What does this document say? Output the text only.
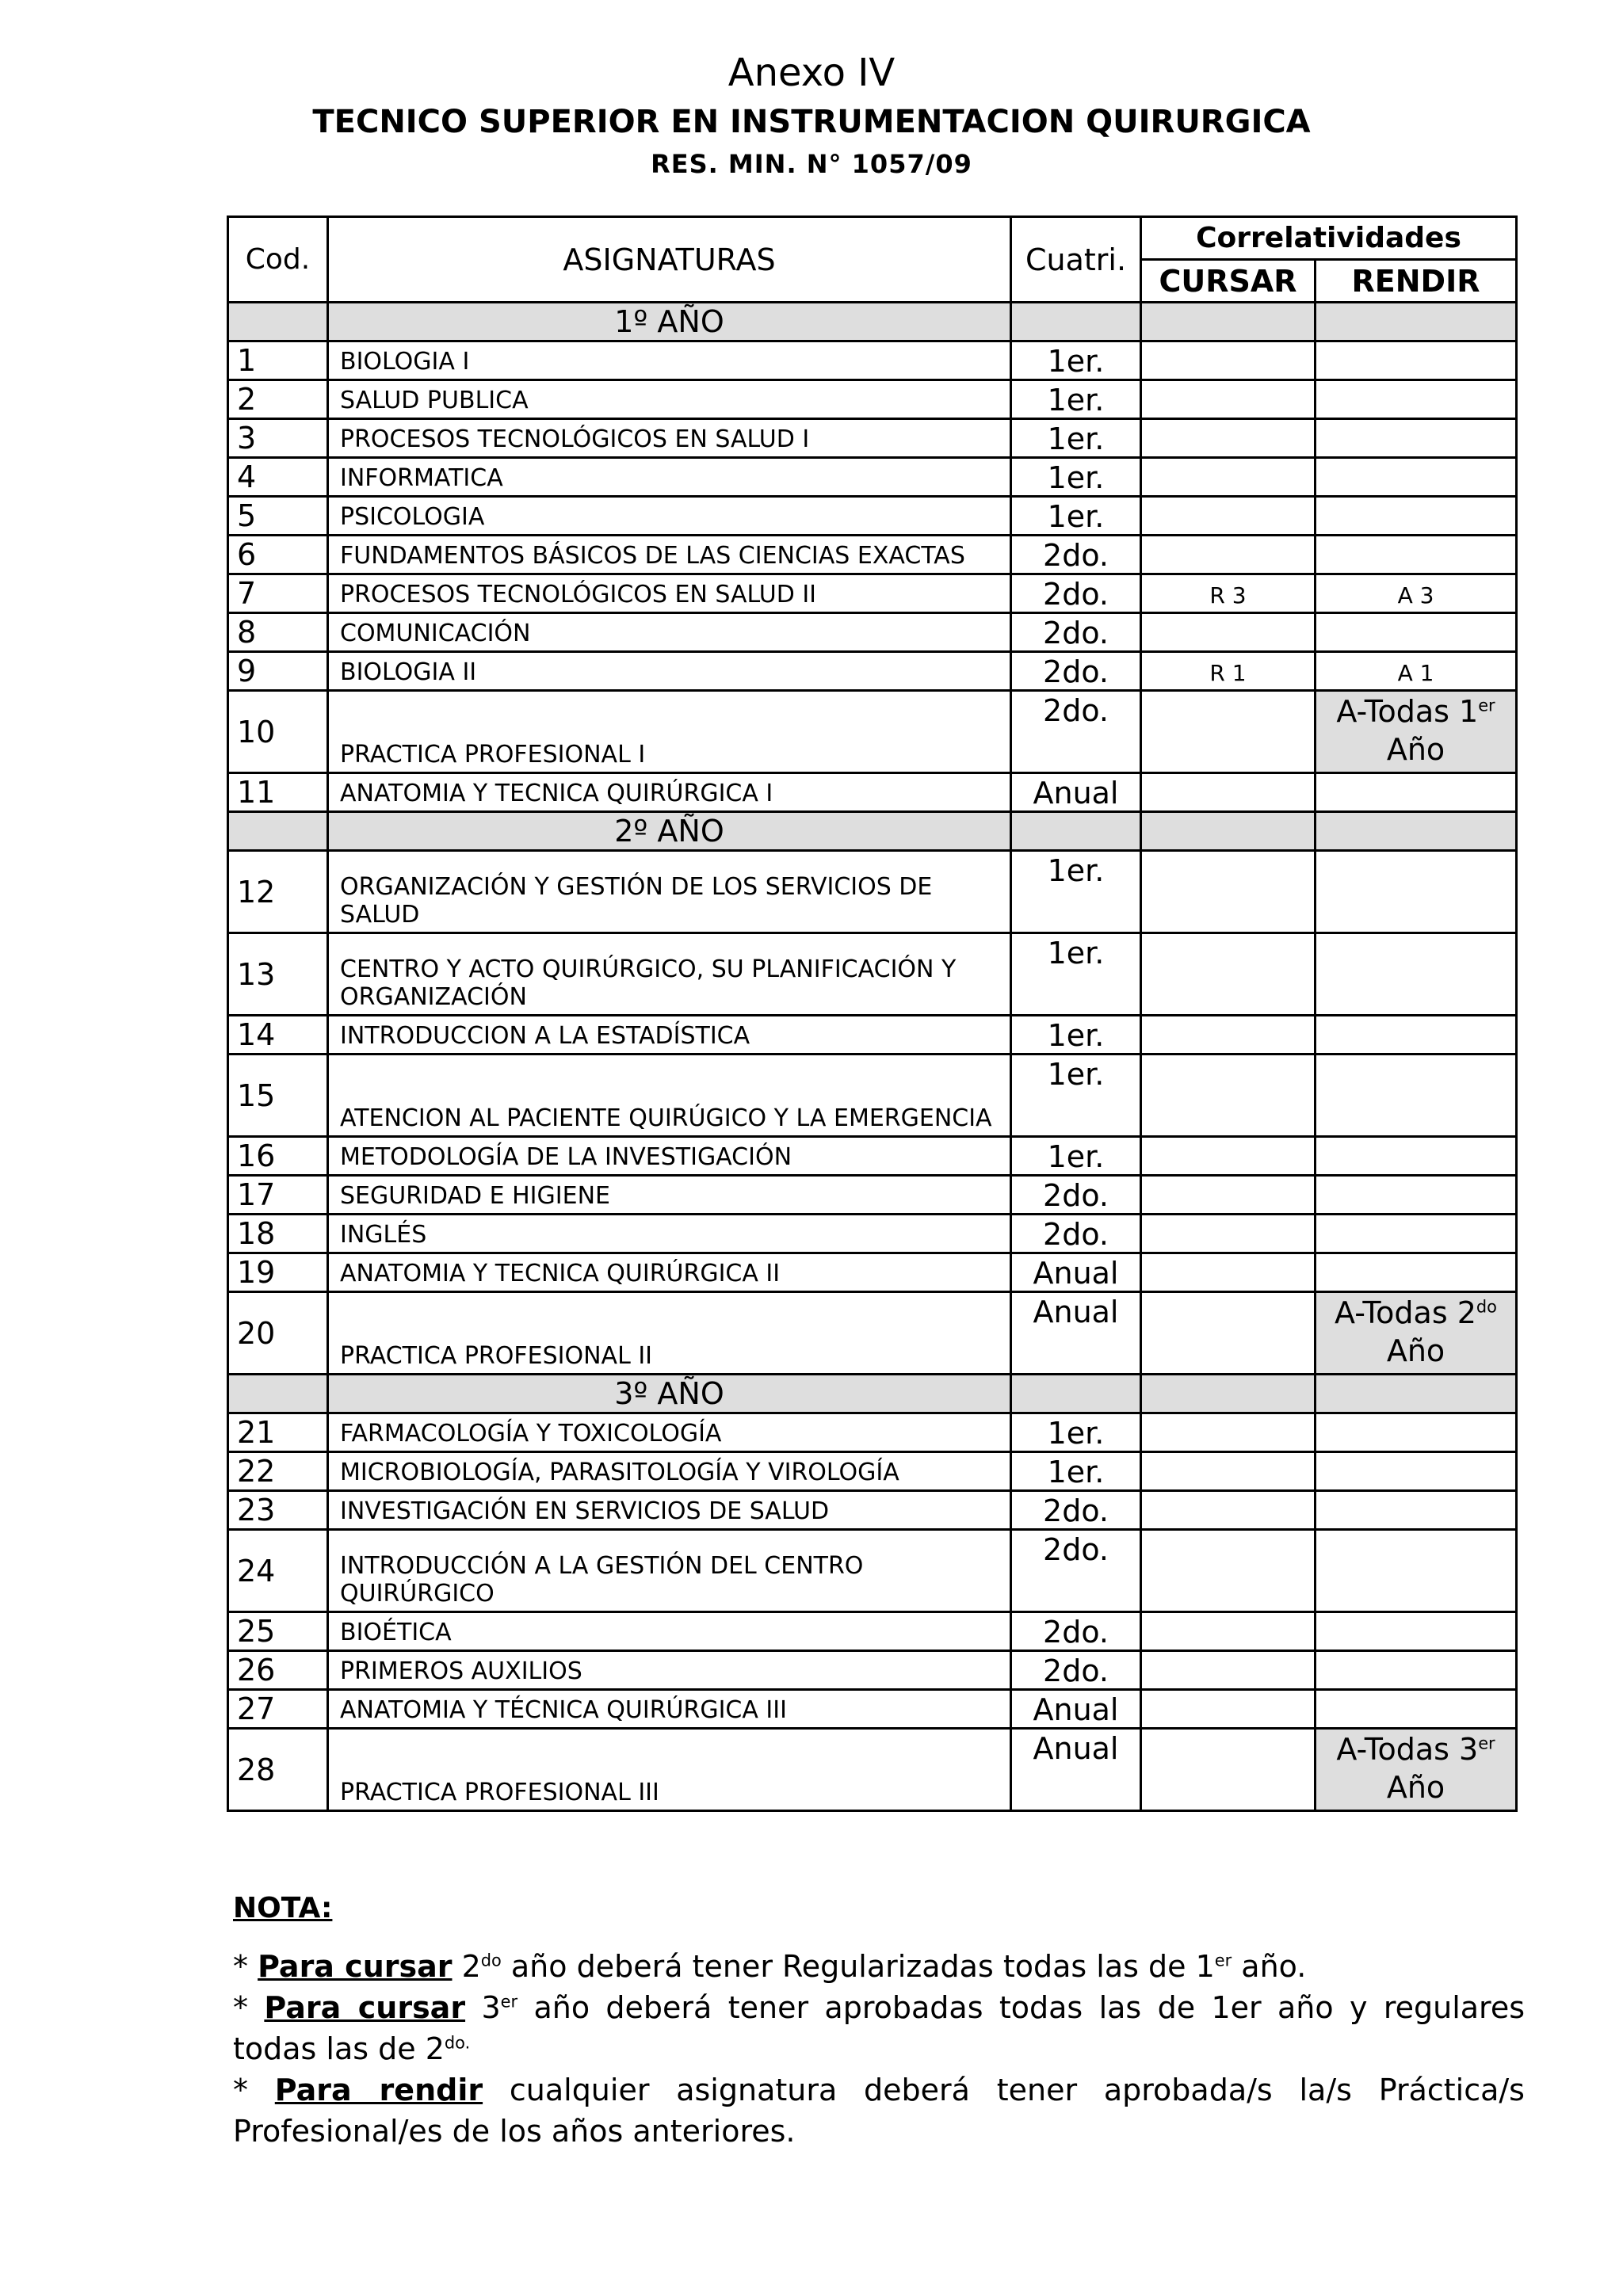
Anexo IV
TECNICO SUPERIOR EN INSTRUMENTACION QUIRURGICA
RES. MIN. N° 1057/09
Cod.	ASIGNATURAS	Cuatri.	Correlatividades	
			CURSAR	RENDIR
	1º AÑO			
1	BIOLOGIA I	1er.		
2	SALUD PUBLICA	1er.		
3	PROCESOS TECNOLÓGICOS EN SALUD I	1er.		
4	INFORMATICA	1er.		
5	PSICOLOGIA	1er.		
6	FUNDAMENTOS BÁSICOS DE LAS CIENCIAS EXACTAS	2do.		
7	PROCESOS TECNOLÓGICOS EN SALUD II	2do.	R 3	A 3
8	COMUNICACIÓN	2do.		
9	BIOLOGIA II	2do.	R 1	A 1
10	PRACTICA PROFESIONAL I	2do.		A-Todas 1er
Año
11	ANATOMIA Y TECNICA QUIRÚRGICA I	Anual		
	2º AÑO			
12	ORGANIZACIÓN Y GESTIÓN DE LOS SERVICIOS DE SALUD	1er.		
13	CENTRO Y ACTO QUIRÚRGICO, SU PLANIFICACIÓN Y ORGANIZACIÓN	1er.		
14	INTRODUCCION A LA ESTADÍSTICA	1er.		
15	ATENCION AL PACIENTE QUIRÚGICO Y LA EMERGENCIA	1er.		
16	METODOLOGÍA DE LA INVESTIGACIÓN	1er.		
17	SEGURIDAD E HIGIENE	2do.		
18	INGLÉS	2do.		
19	ANATOMIA Y TECNICA QUIRÚRGICA II	Anual		
20	PRACTICA PROFESIONAL II	Anual		A-Todas $2^{do}$
Año
	3º AÑO			
21	FARMACOLOGÍA Y TOXICOLOGÍA	1er.		
22	MICROBIOLOGÍA, PARASITOLOGÍA Y VIROLOGÍA	1er.		
23	INVESTIGACIÓN EN SERVICIOS DE SALUD	2do.		
24	INTRODUCCIÓN A LA GESTIÓN DEL CENTRO QUIRÚRGICO	2do.		
25	BIOÉTICA	2do.		
26	PRIMEROS AUXILIOS	2do.		
27	ANATOMIA Y TÉCNICA QUIRÚRGICA III	Anual		
28	PRACTICA PROFESIONAL III	Anual		A-Todas 3er
Año
NOTA:

* Para cursar $2^{do}$ año deberá tener Regularizadas todas las de 1er año.

* Para cursar 3er año deberá tener aprobadas todas las de 1er año y regulares todas las de $2^{do.}$

* Para rendir cualquier asignatura deberá tener aprobada/s la/s Práctica/s Profesional/es de los años anteriores.
